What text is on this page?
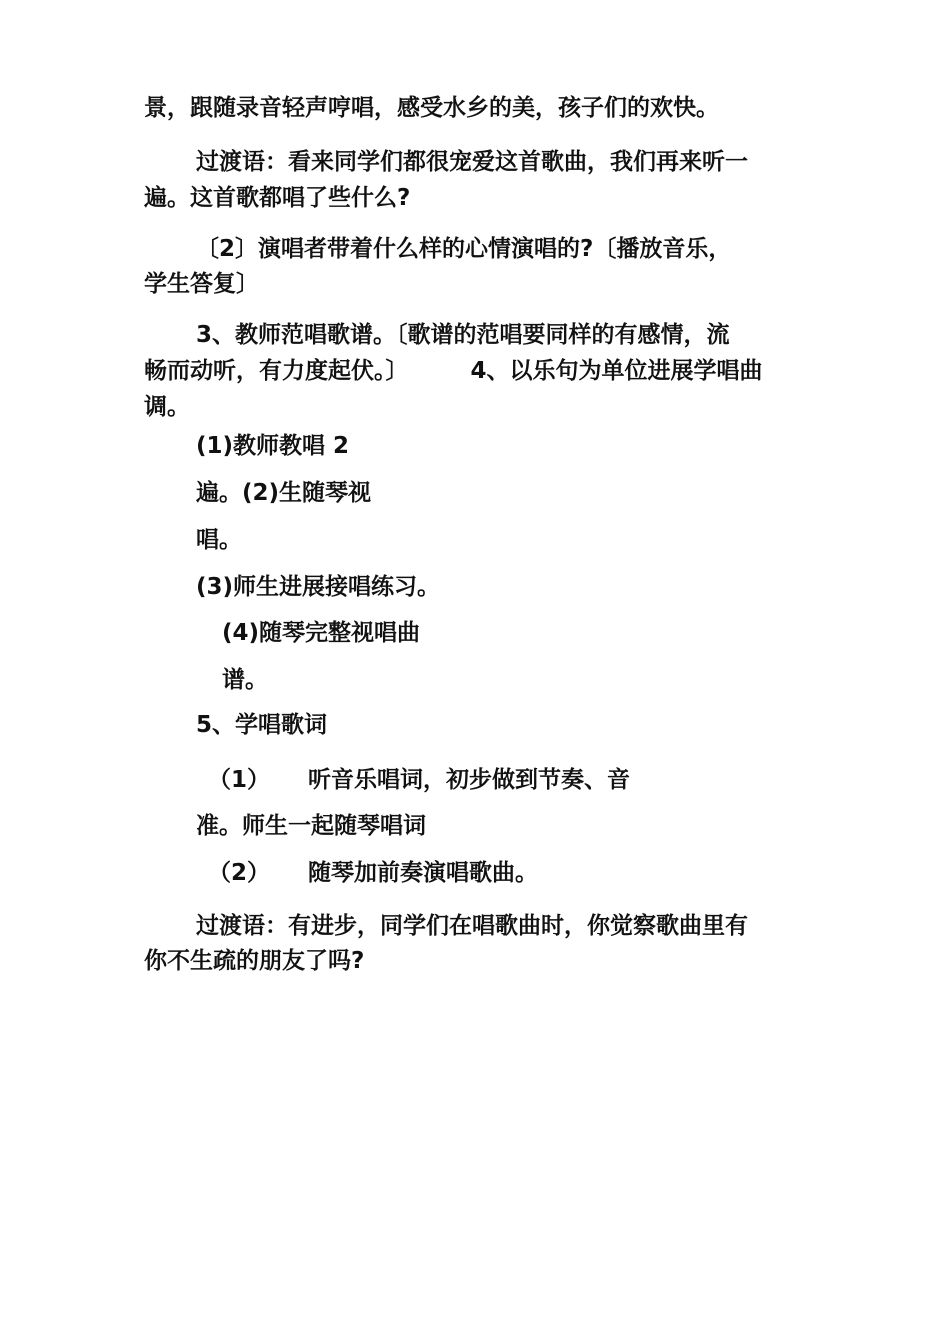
景，跟随录音轻声哼唱，感受水乡的美，孩子们的欢快。
过渡语：看来同学们都很宠爱这首歌曲，我们再来听一
遍。这首歌都唱了些什么?
〔2〕演唱者带着什么样的心情演唱的?〔播放音乐，
学生答复〕
3、教师范唱歌谱。〔歌谱的范唱要同样的有感情，流
畅而动听，有力度起伏。〕	4、以乐句为单位进展学唱曲
调。
(1)教师教唱 2
遍。(2)生随琴视
唱。
(3)师生进展接唱练习。
(4)随琴完整视唱曲
谱。
5、学唱歌词
（1） 听音乐唱词，初步做到节奏、音
准。师生一起随琴唱词
（2） 随琴加前奏演唱歌曲。
过渡语：有进步，同学们在唱歌曲时，你觉察歌曲里有
你不生疏的朋友了吗?
